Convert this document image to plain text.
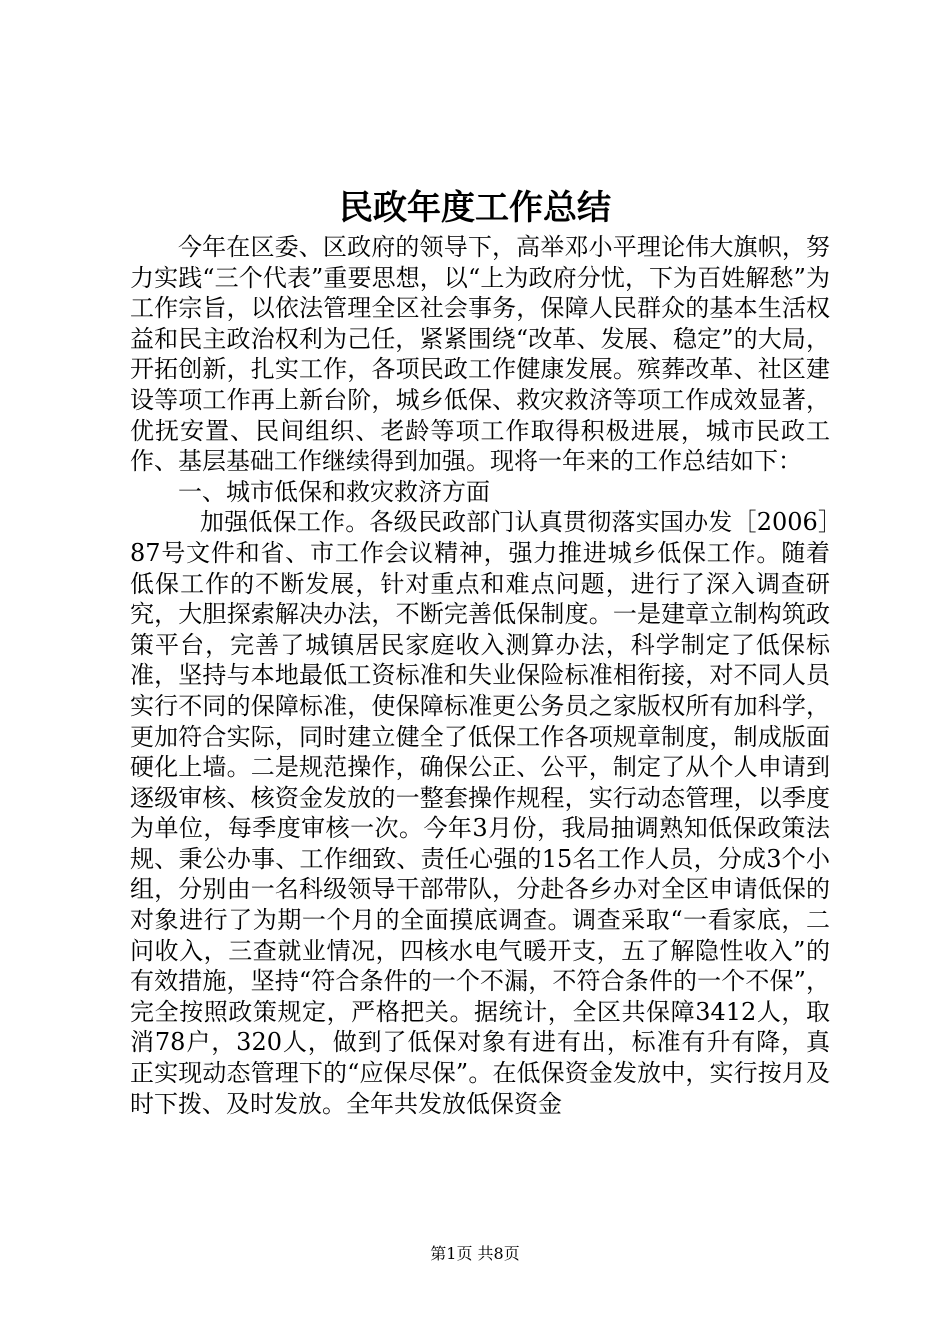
民政年度工作总结

今年在区委、区政府的领导下，高举邓小平理论伟大旗帜，努力实践“三个代表”重要思想，以“上为政府分忧，下为百姓解愁”为工作宗旨，以依法管理全区社会事务，保障人民群众的基本生活权益和民主政治权利为己任，紧紧围绕“改革、发展、稳定”的大局，开拓创新，扎实工作，各项民政工作健康发展。殡葬改革、社区建设等项工作再上新台阶，城乡低保、救灾救济等项工作成效显著，优抚安置、民间组织、老龄等项工作取得积极进展，城市民政工作、基层基础工作继续得到加强。现将一年来的工作总结如下：

一、城市低保和救灾救济方面

加强低保工作。各级民政部门认真贯彻落实国办发［2006］87号文件和省、市工作会议精神，强力推进城乡低保工作。随着低保工作的不断发展，针对重点和难点问题，进行了深入调查研究，大胆探索解决办法，不断完善低保制度。一是建章立制构筑政策平台，完善了城镇居民家庭收入测算办法，科学制定了低保标准，坚持与本地最低工资标准和失业保险标准相衔接，对不同人员实行不同的保障标准，使保障标准更公务员之家版权所有加科学，更加符合实际，同时建立健全了低保工作各项规章制度，制成版面硬化上墙。二是规范操作，确保公正、公平，制定了从个人申请到逐级审核、核资金发放的一整套操作规程，实行动态管理，以季度为单位，每季度审核一次。今年3月份，我局抽调熟知低保政策法规、秉公办事、工作细致、责任心强的15名工作人员，分成3个小组，分别由一名科级领导干部带队，分赴各乡办对全区申请低保的对象进行了为期一个月的全面摸底调查。调查采取“一看家底，二问收入，三查就业情况，四核水电气暖开支，五了解隐性收入”的有效措施，坚持“符合条件的一个不漏，不符合条件的一个不保”，完全按照政策规定，严格把关。据统计，全区共保障3412人，取消78户，320人，做到了低保对象有进有出，标准有升有降，真正实现动态管理下的“应保尽保”。在低保资金发放中，实行按月及时下拨、及时发放。全年共发放低保资金

第1页 共8页
